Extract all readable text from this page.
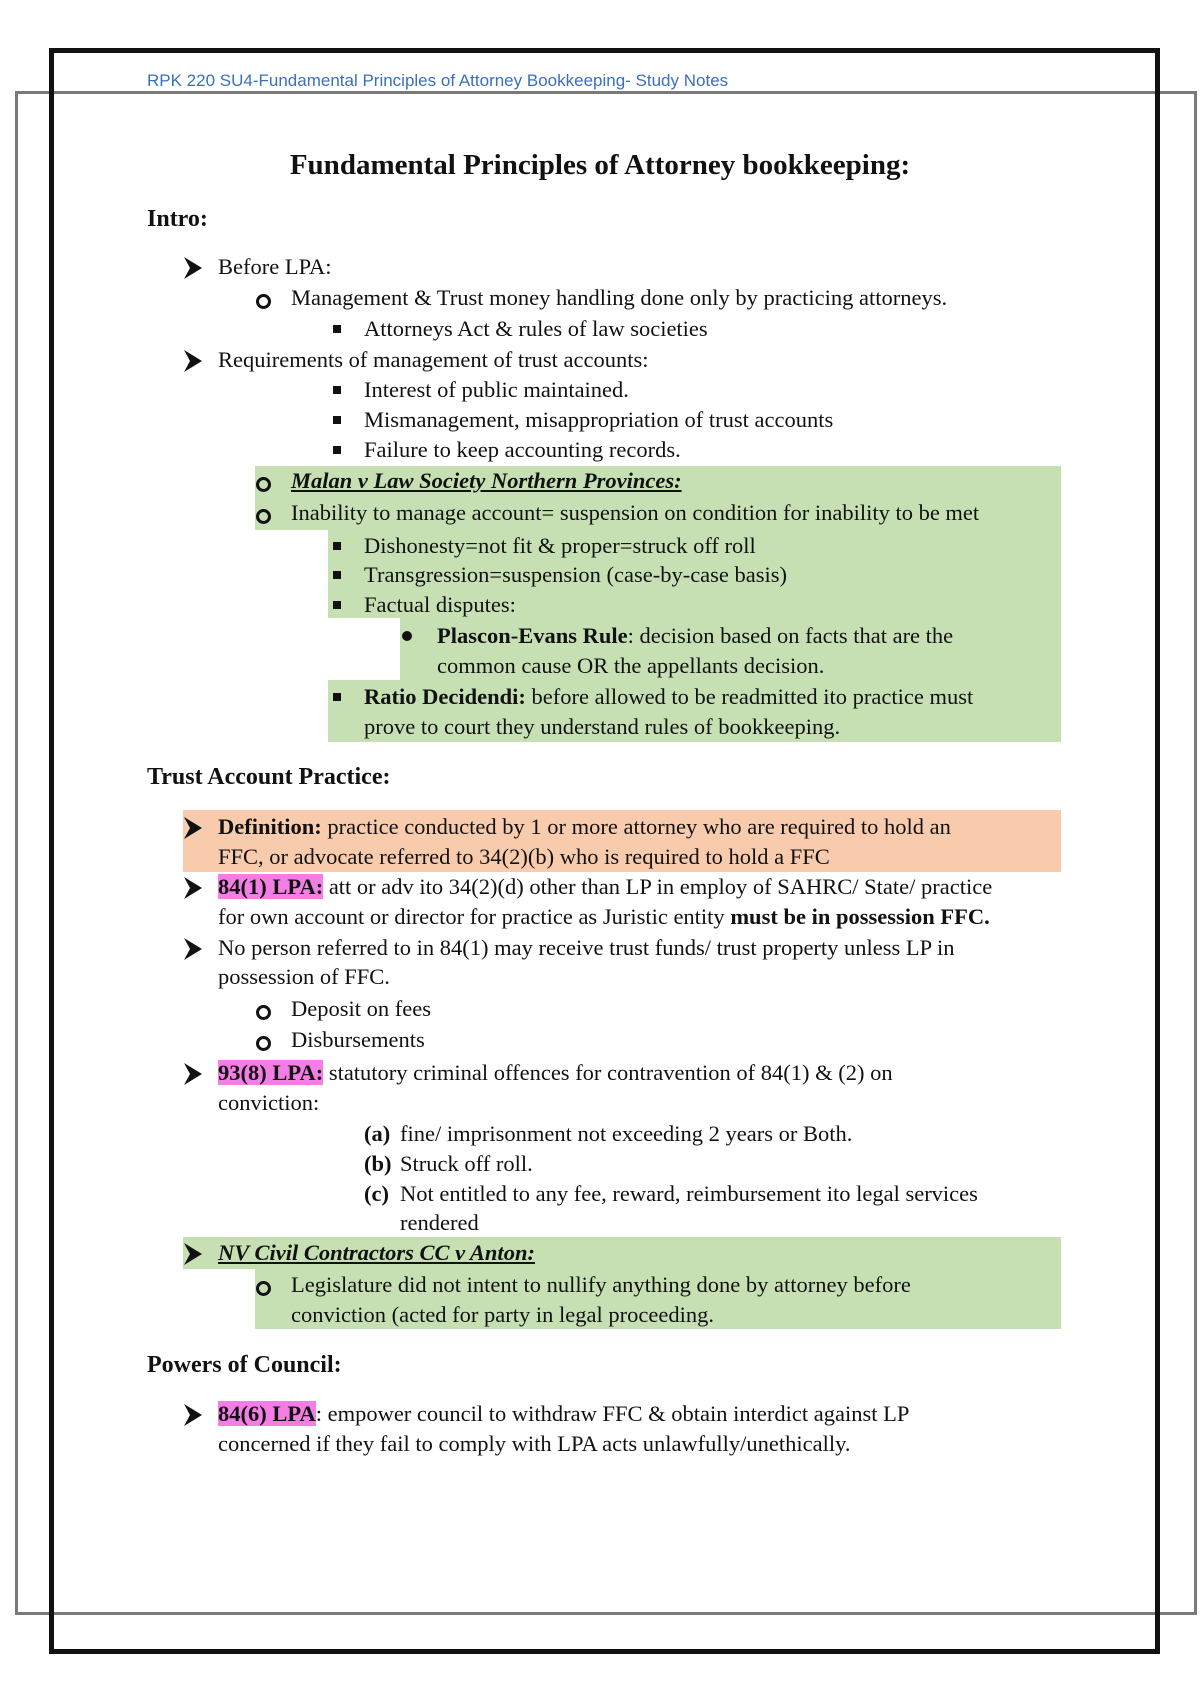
RPK 220 SU4-Fundamental Principles of Attorney Bookkeeping- Study Notes
Fundamental Principles of Attorney bookkeeping:
Intro:
Before LPA:
Management & Trust money handling done only by practicing attorneys.
Attorneys Act & rules of law societies
Requirements of management of trust accounts:
Interest of public maintained.
Mismanagement, misappropriation of trust accounts
Failure to keep accounting records.
Malan v Law Society Northern Provinces:
Inability to manage account= suspension on condition for inability to be met
Dishonesty=not fit & proper=struck off roll
Transgression=suspension (case-by-case basis)
Factual disputes:
Plascon-Evans Rule: decision based on facts that are the
common cause OR the appellants decision.
Ratio Decidendi: before allowed to be readmitted ito practice must
prove to court they understand rules of bookkeeping.
Trust Account Practice:
Definition: practice conducted by 1 or more attorney who are required to hold an
FFC, or advocate referred to 34(2)(b) who is required to hold a FFC
84(1) LPA: att or adv ito 34(2)(d) other than LP in employ of SAHRC/ State/ practice
for own account or director for practice as Juristic entity must be in possession FFC.
No person referred to in 84(1) may receive trust funds/ trust property unless LP in
possession of FFC.
Deposit on fees
Disbursements
93(8) LPA: statutory criminal offences for contravention of 84(1) & (2) on
conviction:
(a) fine/ imprisonment not exceeding 2 years or Both.
(b) Struck off roll.
(c) Not entitled to any fee, reward, reimbursement ito legal services
rendered
NV Civil Contractors CC v Anton:
Legislature did not intent to nullify anything done by attorney before
conviction (acted for party in legal proceeding.
Powers of Council:
84(6) LPA: empower council to withdraw FFC & obtain interdict against LP
concerned if they fail to comply with LPA acts unlawfully/unethically.
